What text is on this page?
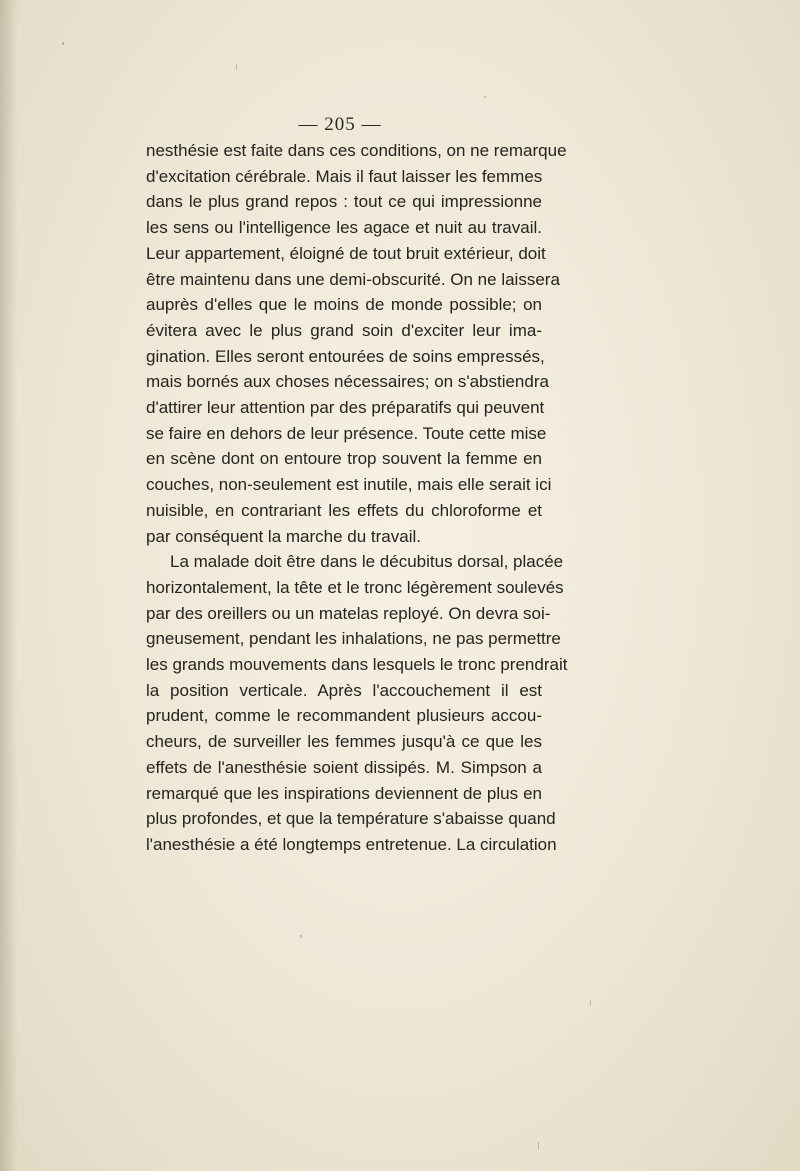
— 205 —
nesthésie est faite dans ces conditions, on ne remarque
d'excitation cérébrale. Mais il faut laisser les femmes
dans le plus grand repos : tout ce qui impressionne
les sens ou l'intelligence les agace et nuit au travail.
Leur appartement, éloigné de tout bruit extérieur, doit
être maintenu dans une demi-obscurité. On ne laissera
auprès d'elles que le moins de monde possible; on
évitera avec le plus grand soin d'exciter leur ima-
gination. Elles seront entourées de soins empressés,
mais bornés aux choses nécessaires; on s'abstiendra
d'attirer leur attention par des préparatifs qui peuvent
se faire en dehors de leur présence. Toute cette mise
en scène dont on entoure trop souvent la femme en
couches, non-seulement est inutile, mais elle serait ici
nuisible, en contrariant les effets du chloroforme et
par conséquent la marche du travail.
La malade doit être dans le décubitus dorsal, placée
horizontalement, la tête et le tronc légèrement soulevés
par des oreillers ou un matelas reployé. On devra soi-
gneusement, pendant les inhalations, ne pas permettre
les grands mouvements dans lesquels le tronc prendrait
la position verticale. Après l'accouchement il est
prudent, comme le recommandent plusieurs accou-
cheurs, de surveiller les femmes jusqu'à ce que les
effets de l'anesthésie soient dissipés. M. Simpson a
remarqué que les inspirations deviennent de plus en
plus profondes, et que la température s'abaisse quand
l'anesthésie a été longtemps entretenue. La circulation
